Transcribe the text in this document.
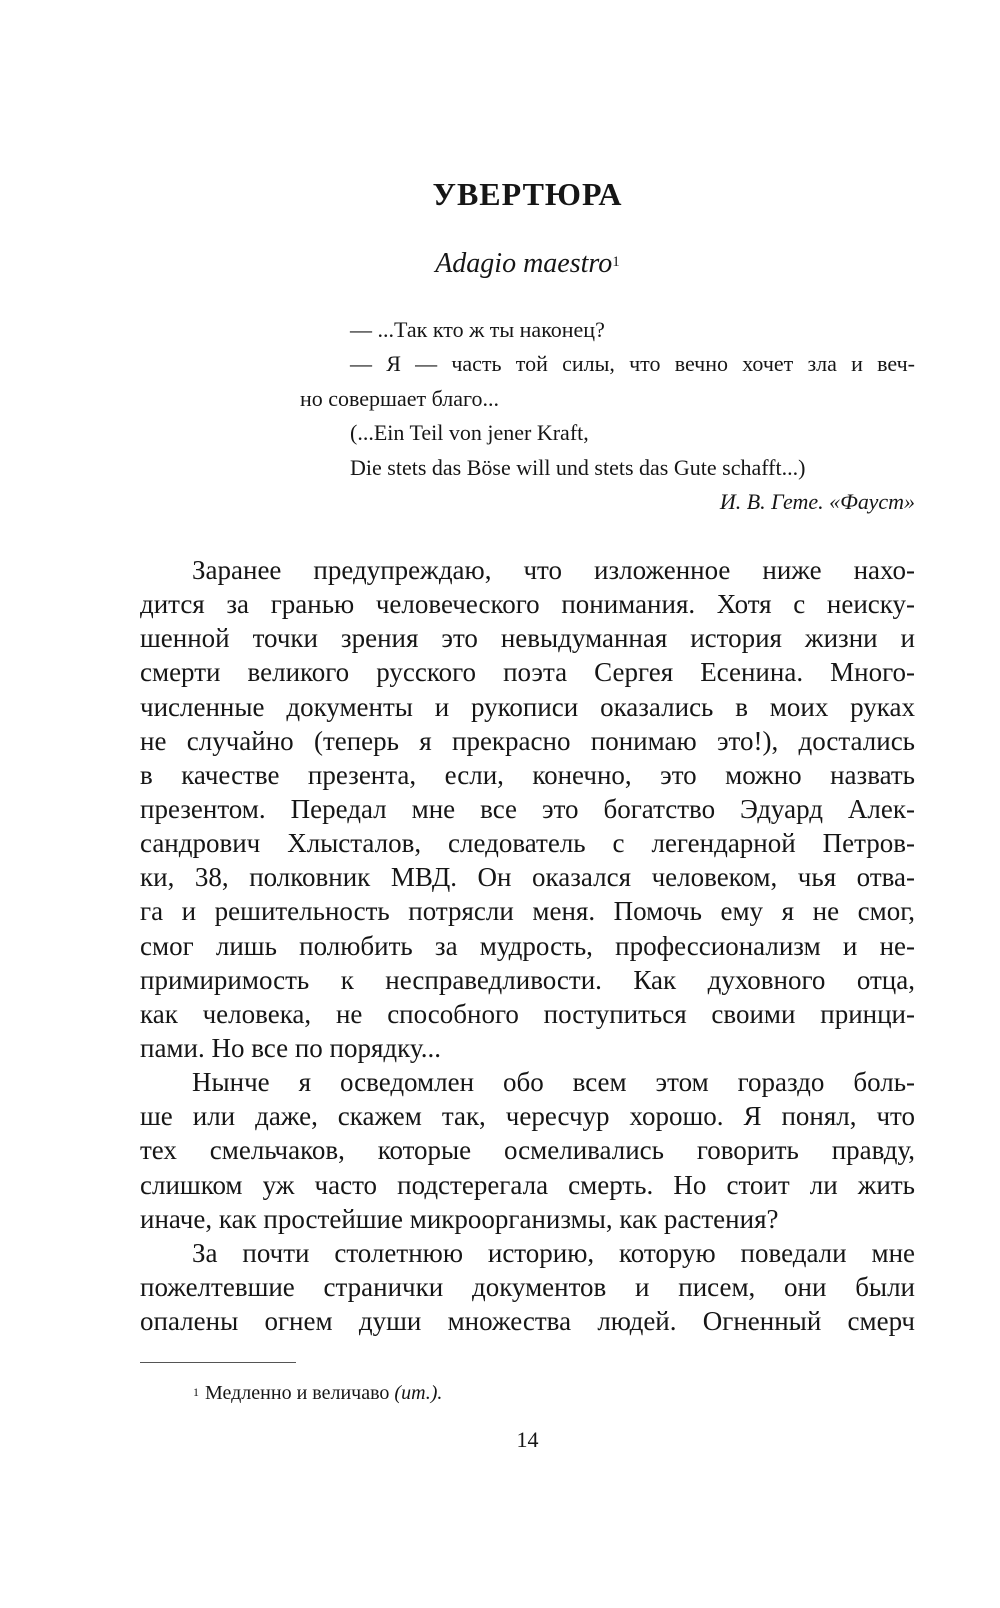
УВЕРТЮРА
Adagio maestro$^1$
— ...Так кто ж ты наконец?
— Я — часть той силы, что вечно хочет зла и веч-
но совершает благо...
(...Ein Teil von jener Kraft,
Die stets das Böse will und stets das Gute schafft...)
И. В. Гете. «Фауст»
Заранее предупреждаю, что изложенное ниже нахо-
дится за гранью человеческого понимания. Хотя с неиску-
шенной точки зрения это невыдуманная история жизни и
смерти великого русского поэта Сергея Есенина. Много-
численные документы и рукописи оказались в моих руках
не случайно (теперь я прекрасно понимаю это!), достались
в качестве презента, если, конечно, это можно назвать
презентом. Передал мне все это богатство Эдуард Алек-
сандрович Хлысталов, следователь с легендарной Петров-
ки, 38, полковник МВД. Он оказался человеком, чья отва-
га и решительность потрясли меня. Помочь ему я не смог,
смог лишь полюбить за мудрость, профессионализм и не-
примиримость к несправедливости. Как духовного отца,
как человека, не способного поступиться своими принци-
пами. Но все по порядку...
Нынче я осведомлен обо всем этом гораздо боль-
ше или даже, скажем так, чересчур хорошо. Я понял, что
тех смельчаков, которые осмеливались говорить правду,
слишком уж часто подстерегала смерть. Но стоит ли жить
иначе, как простейшие микроорганизмы, как растения?
За почти столетнюю историю, которую поведали мне
пожелтевшие странички документов и писем, они были
опалены огнем души множества людей. Огненный смерч
$^1$ Медленно и величаво (ит.).
14
